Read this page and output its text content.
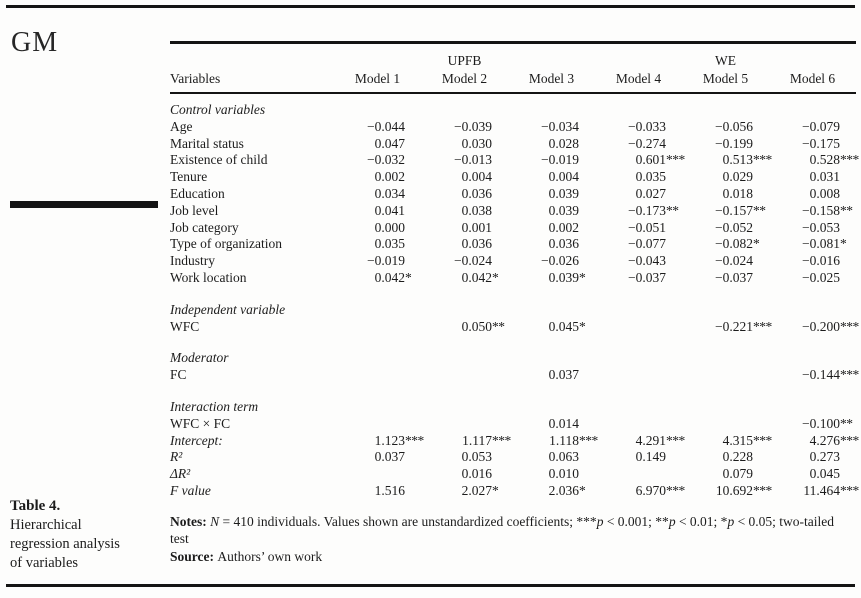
GM
Table 4.
Hierarchical
regression analysis
of variables
	UPFB			WE		
Variables	Model 1	Model 2	Model 3	Model 4	Model 5	Model 6
Control variables						
Age	−0.044	−0.039	−0.034	−0.033	−0.056	−0.079
Marital status	0.047	0.030	0.028	−0.274	−0.199	−0.175
Existence of child	−0.032	−0.013	−0.019	0.601***	0.513***	0.528***
Tenure	0.002	0.004	0.004	0.035	0.029	0.031
Education	0.034	0.036	0.039	0.027	0.018	0.008
Job level	0.041	0.038	0.039	−0.173**	−0.157**	−0.158**
Job category	0.000	0.001	0.002	−0.051	−0.052	−0.053
Type of organization	0.035	0.036	0.036	−0.077	−0.082*	−0.081*
Industry	−0.019	−0.024	−0.026	−0.043	−0.024	−0.016
Work location	0.042*	0.042*	0.039*	−0.037	−0.037	−0.025
Independent variable						
WFC		0.050**	0.045*		−0.221***	−0.200***
Moderator						
FC			0.037			−0.144***
Interaction term						
WFC × FC			0.014			−0.100**
Intercept:	1.123***	1.117***	1.118***	4.291***	4.315***	4.276***
R²	0.037	0.053	0.063	0.149	0.228	0.273
ΔR²		0.016	0.010		0.079	0.045
F value	1.516	2.027*	2.036*	6.970***	10.692***	11.464***

Notes: N = 410 individuals. Values shown are unstandardized coefficients; ***p < 0.001; **p < 0.01; *p < 0.05; two-tailed test

Source: Authors’ own work
